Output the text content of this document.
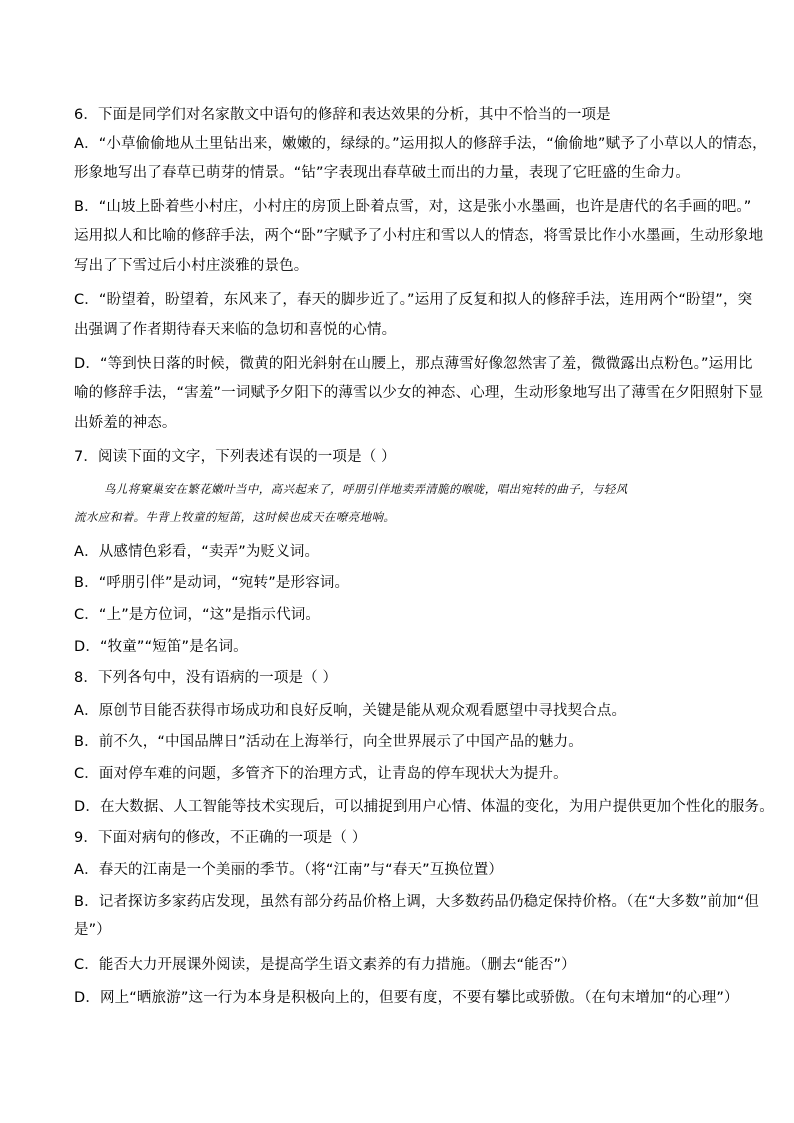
6．下面是同学们对名家散文中语句的修辞和表达效果的分析，其中不恰当的一项是
A．“小草偷偷地从土里钻出来，嫩嫩的，绿绿的。”运用拟人的修辞手法，“偷偷地”赋予了小草以人的情态，
形象地写出了春草已萌芽的情景。“钻”字表现出春草破土而出的力量，表现了它旺盛的生命力。
B．“山坡上卧着些小村庄，小村庄的房顶上卧着点雪，对，这是张小水墨画，也许是唐代的名手画的吧。”
运用拟人和比喻的修辞手法，两个“卧”字赋予了小村庄和雪以人的情态，将雪景比作小水墨画，生动形象地
写出了下雪过后小村庄淡雅的景色。
C．“盼望着，盼望着，东风来了，春天的脚步近了。”运用了反复和拟人的修辞手法，连用两个“盼望”，突
出强调了作者期待春天来临的急切和喜悦的心情。
D．“等到快日落的时候，微黄的阳光斜射在山腰上，那点薄雪好像忽然害了羞，微微露出点粉色。”运用比
喻的修辞手法，“害羞”一词赋予夕阳下的薄雪以少女的神态、心理，生动形象地写出了薄雪在夕阳照射下显
出娇羞的神态。
7．阅读下面的文字，下列表述有误的一项是（ ）
鸟儿将窠巢安在繁花嫩叶当中，高兴起来了，呼朋引伴地卖弄清脆的喉咙，唱出宛转的曲子，与轻风
流水应和着。牛背上牧童的短笛，这时候也成天在嘹亮地响。
A．从感情色彩看，“卖弄”为贬义词。
B．“呼朋引伴”是动词，“宛转”是形容词。
C．“上”是方位词，“这”是指示代词。
D．“牧童”“短笛”是名词。
8．下列各句中，没有语病的一项是（ ）
A．原创节目能否获得市场成功和良好反响，关键是能从观众观看愿望中寻找契合点。
B．前不久，“中国品牌日”活动在上海举行，向全世界展示了中国产品的魅力。
C．面对停车难的问题，多管齐下的治理方式，让青岛的停车现状大为提升。
D．在大数据、人工智能等技术实现后，可以捕捉到用户心情、体温的变化，为用户提供更加个性化的服务。
9．下面对病句的修改，不正确的一项是（ ）
A．春天的江南是一个美丽的季节。（将“江南”与“春天”互换位置）
B．记者探访多家药店发现，虽然有部分药品价格上调，大多数药品仍稳定保持价格。（在“大多数”前加“但
是”）
C．能否大力开展课外阅读，是提高学生语文素养的有力措施。（删去“能否”）
D．网上“晒旅游”这一行为本身是积极向上的，但要有度，不要有攀比或骄傲。（在句末增加“的心理”）
